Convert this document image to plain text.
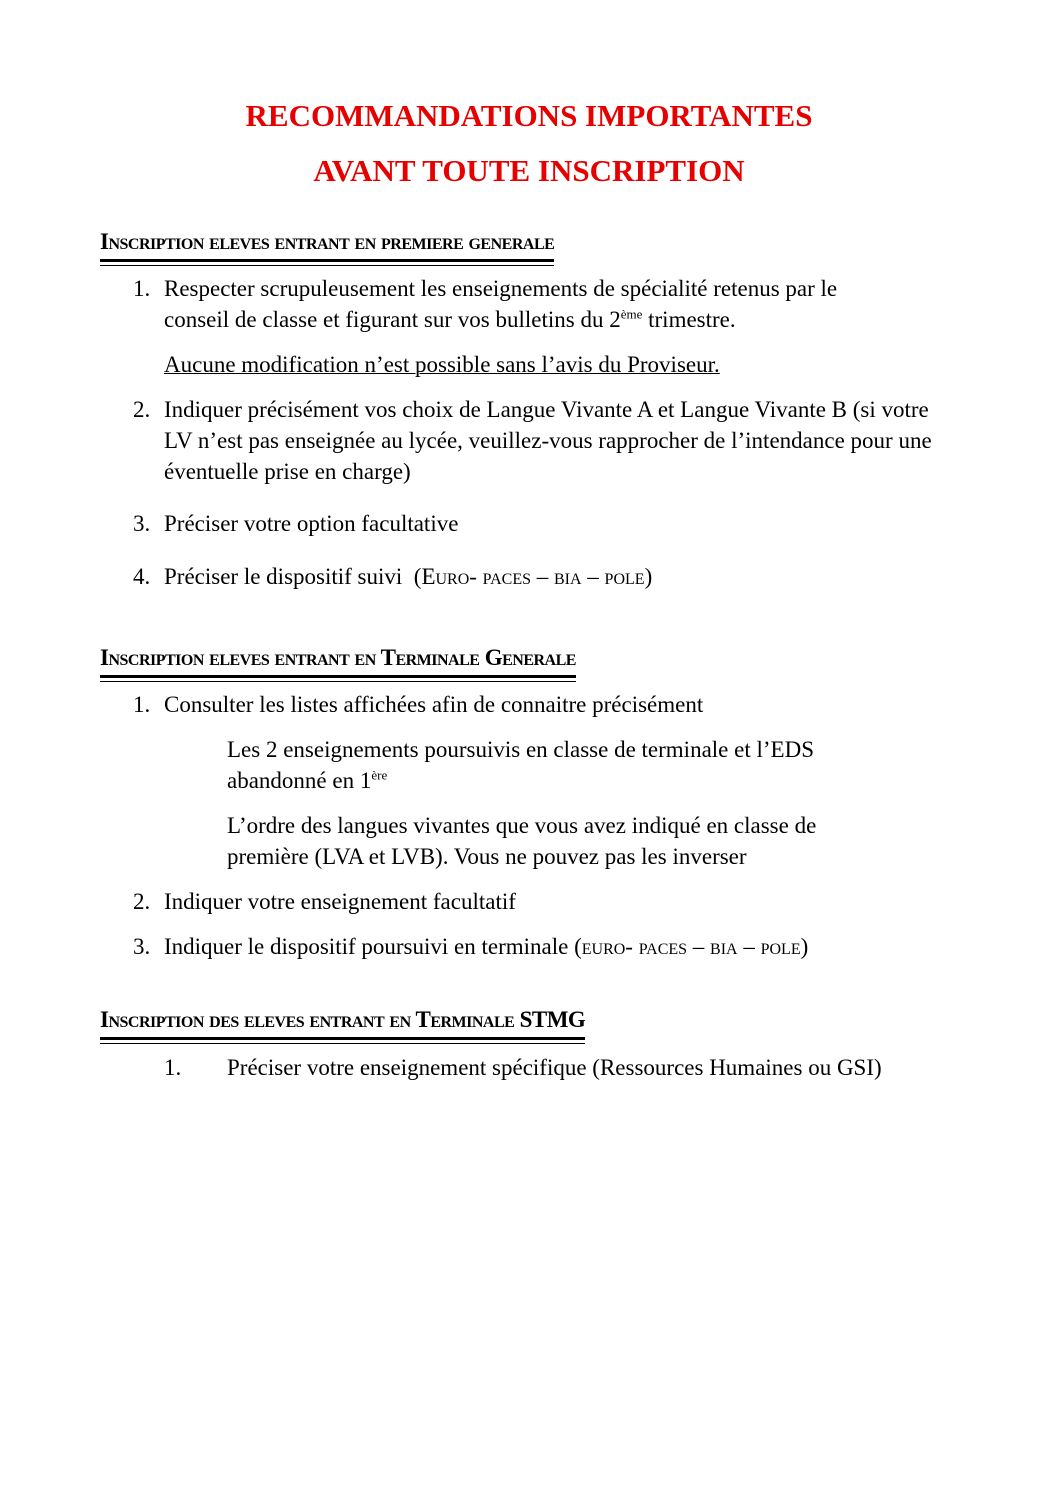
RECOMMANDATIONS IMPORTANTES
AVANT TOUTE INSCRIPTION
Inscription eleves entrant en premiere generale
1. Respecter scrupuleusement les enseignements de spécialité retenus par le conseil de classe et figurant sur vos bulletins du 2ème trimestre.
Aucune modification n’est possible sans l’avis du Proviseur.
2. Indiquer précisément vos choix de Langue Vivante A et Langue Vivante B (si votre LV n’est pas enseignée au lycée, veuillez-vous rapprocher de l’intendance pour une éventuelle prise en charge)
3. Préciser votre option facultative
4. Préciser le dispositif suivi  (Euro- paces – bia – pole)
Inscription eleves entrant en Terminale Generale
1. Consulter les listes affichées afin de connaitre précisément
Les 2 enseignements poursuivis en classe de terminale et l’EDS abandonné en 1ère
L’ordre des langues vivantes que vous avez indiqué en classe de première (LVA et LVB). Vous ne pouvez pas les inverser
2. Indiquer votre enseignement facultatif
3. Indiquer le dispositif poursuivi en terminale (euro- paces – bia – pole)
Inscription des eleves entrant en Terminale STMG
1. Préciser votre enseignement spécifique (Ressources Humaines ou GSI)
